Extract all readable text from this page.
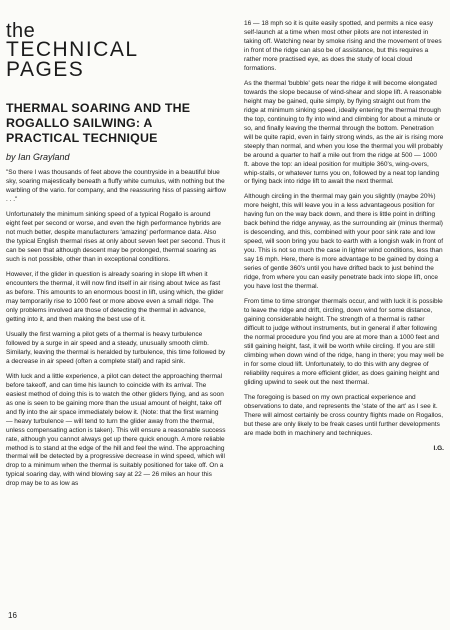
the
TECHNICAL
PAGES
THERMAL SOARING AND THE ROGALLO SAILWING: A PRACTICAL TECHNIQUE
by Ian Grayland

"So there I was thousands of feet above the countryside in a beautiful blue sky, soaring majestically beneath a fluffy white cumulus, with nothing but the warbling of the vario. for company, and the reassuring hiss of passing airflow . . ."

Unfortunately the minimum sinking speed of a typical Rogallo is around eight feet per second or worse, and even the high performance hybrids are not much better, despite manufacturers 'amazing' performance data. Also the typical English thermal rises at only about seven feet per second. Thus it can be seen that although descent may be prolonged, thermal soaring as such is not possible, other than in exceptional conditions.

However, if the glider in question is already soaring in slope lift when it encounters the thermal, it will now find itself in air rising about twice as fast as before. This amounts to an enormous boost in lift, using which, the glider may temporarily rise to 1000 feet or more above even a small ridge. The only problems involved are those of detecting the thermal in advance, getting into it, and then making the best use of it.

Usually the first warning a pilot gets of a thermal is heavy turbulence followed by a surge in air speed and a steady, unusually smooth climb. Similarly, leaving the thermal is heralded by turbulence, this time followed by a decrease in air speed (often a complete stall) and rapid sink.

With luck and a little experience, a pilot can detect the approaching thermal before takeoff, and can time his launch to coincide with its arrival. The easiest method of doing this is to watch the other gliders flying, and as soon as one is seen to be gaining more than the usual amount of height, take off and fly into the air space immediately below it. (Note: that the first warning — heavy turbulence — will tend to turn the glider away from the thermal, unless compensating action is taken). This will ensure a reasonable success rate, although you cannot always get up there quick enough. A more reliable method is to stand at the edge of the hill and feel the wind. The approaching thermal will be detected by a progressive decrease in wind speed, which will drop to a minimum when the thermal is suitably positioned for take off. On a typical soaring day, with wind blowing say at 22 — 26 miles an hour this drop may be to as low as

16 — 18 mph so it is quite easily spotted, and permits a nice easy self-launch at a time when most other pilots are not interested in taking off. Watching near by smoke rising and the movement of trees in front of the ridge can also be of assistance, but this requires a rather more practised eye, as does the study of local cloud formations.

As the thermal 'bubble' gets near the ridge it will become elongated towards the slope because of wind-shear and slope lift. A reasonable height may be gained, quite simply, by flying straight out from the ridge at minimum sinking speed, ideally entering the thermal through the top, continuing to fly into wind and climbing for about a minute or so, and finally leaving the thermal through the bottom. Penetration will be quite rapid, even in fairly strong winds, as the air is rising more steeply than normal, and when you lose the thermal you will probably be around a quarter to half a mile out from the ridge at 500 — 1000 ft. above the top: an ideal position for multiple 360's, wing-overs, whip-stalls, or whatever turns you on, followed by a neat top landing or flying back into ridge lift to await the next thermal.

Although circling in the thermal may gain you slightly (maybe 20%) more height, this will leave you in a less advantageous position for having fun on the way back down, and there is little point in drifting back behind the ridge anyway, as the surrounding air (minus thermal) is descending, and this, combined with your poor sink rate and low speed, will soon bring you back to earth with a longish walk in front of you. This is not so much the case in lighter wind conditions, less than say 16 mph. Here, there is more advantage to be gained by doing a series of gentle 360's until you have drifted back to just behind the ridge, from where you can easily penetrate back into slope lift, once you have lost the thermal.

From time to time stronger thermals occur, and with luck it is possible to leave the ridge and drift, circling, down wind for some distance, gaining considerable height. The strength of a thermal is rather difficult to judge without instruments, but in general if after following the normal procedure you find you are at more than a 1000 feet and still gaining height, fast, it will be worth while circling. If you are still climbing when down wind of the ridge, hang in there; you may well be in for some cloud lift. Unfortunately, to do this with any degree of reliability requires a more efficient glider, as does gaining height and gliding upwind to seek out the next thermal.

The foregoing is based on my own practical experience and observations to date, and represents the 'state of the art' as I see it. There will almost certainly be cross country flights made on Rogallos, but these are only likely to be freak cases until further developments are made both in machinery and techniques.

I.G.

16
